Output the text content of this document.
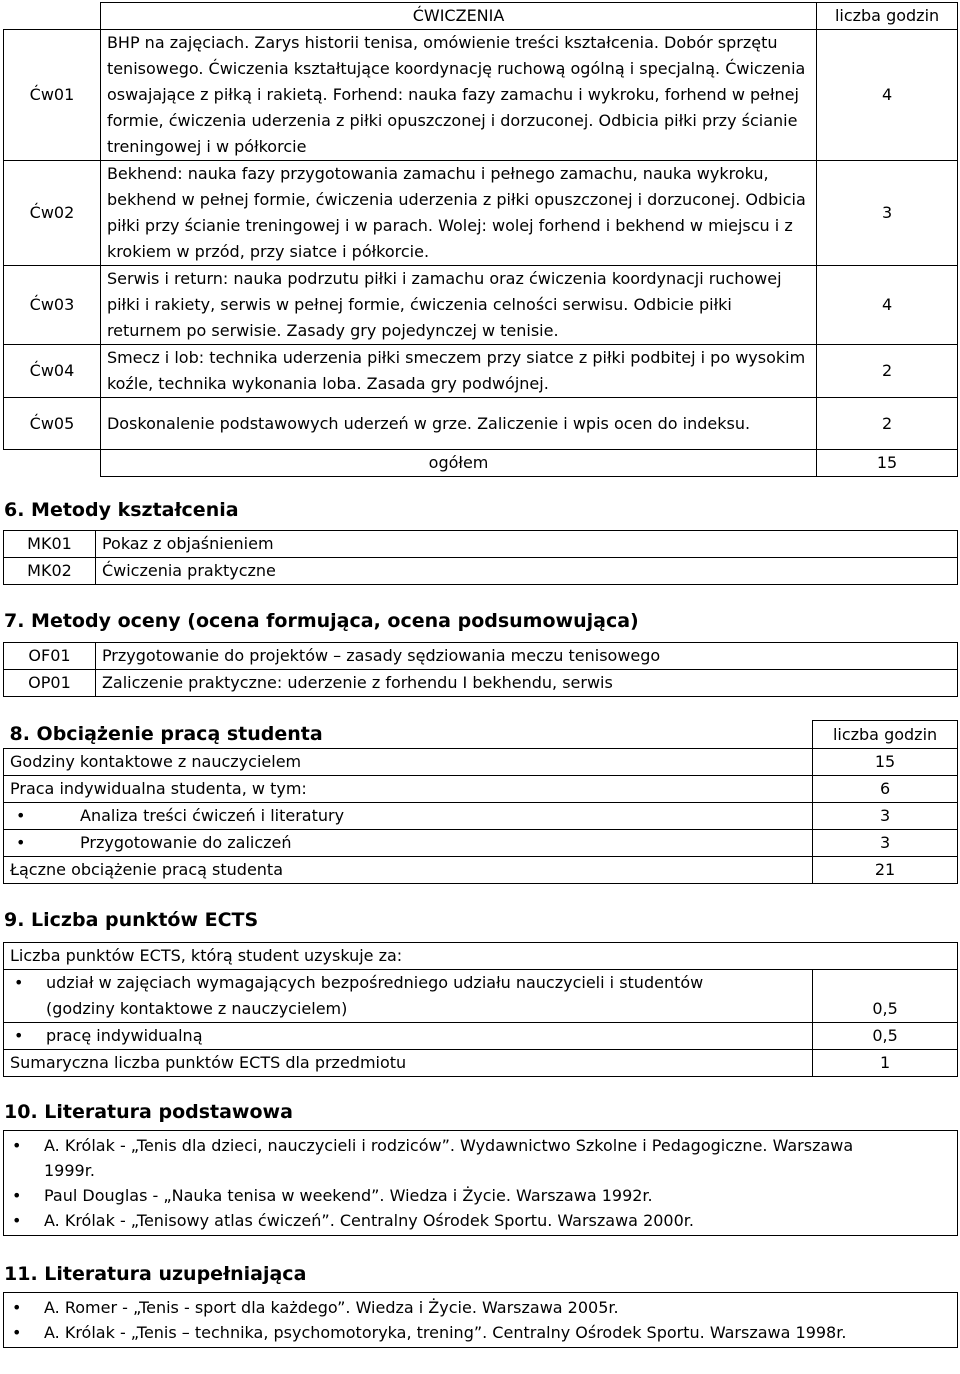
	ĆWICZENIA	liczba godzin
Ćw01	BHP na zajęciach. Zarys historii tenisa, omówienie treści kształcenia. Dobór sprzętu tenisowego. Ćwiczenia kształtujące koordynację ruchową ogólną i specjalną. Ćwiczenia oswajające z piłką i rakietą. Forhend: nauka fazy zamachu i wykroku, forhend w pełnej formie, ćwiczenia uderzenia z piłki opuszczonej i dorzuconej. Odbicia piłki przy ścianie treningowej i w półkorcie	4
Ćw02	Bekhend: nauka fazy przygotowania zamachu i pełnego zamachu, nauka wykroku, bekhend w pełnej formie, ćwiczenia uderzenia z piłki opuszczonej i dorzuconej. Odbicia piłki przy ścianie treningowej i w parach. Wolej: wolej forhend i bekhend w miejscu i z krokiem w przód, przy siatce i półkorcie.	3
Ćw03	Serwis i return: nauka podrzutu piłki i zamachu oraz ćwiczenia koordynacji ruchowej piłki i rakiety, serwis w pełnej formie, ćwiczenia celności serwisu. Odbicie piłki returnem po serwisie. Zasady gry pojedynczej w tenisie.	4
Ćw04	Smecz i lob: technika uderzenia piłki smeczem przy siatce z piłki podbitej i po wysokim koźle, technika wykonania loba. Zasada gry podwójnej.	2
Ćw05	Doskonalenie podstawowych uderzeń w grze. Zaliczenie i wpis ocen do indeksu.	2
	ogółem	15
6. Metody kształcenia
MK01	Pokaz z objaśnieniem
MK02	Ćwiczenia praktyczne
7. Metody oceny (ocena formująca, ocena podsumowująca)
OF01	Przygotowanie do projektów – zasady sędziowania meczu tenisowego
OP01	Zaliczenie praktyczne: uderzenie z forhendu I bekhendu, serwis
8. Obciążenie pracą studenta	liczba godzin
Godziny kontaktowe z nauczycielem	15
Praca indywidualna studenta, w tym:	6

• Analiza treści ćwiczeń i literatury	3

• Przygotowanie do zaliczeń	3
Łączne obciążenie pracą studenta	21
9. Liczba punktów ECTS
Liczba punktów ECTS, którą student uzyskuje za:	

• udział w zajęciach wymagających bezpośredniego udziału nauczycieli i studentów
(godziny kontaktowe z nauczycielem)	0,5

• pracę indywidualną	0,5
Sumaryczna liczba punktów ECTS dla przedmiotu	1
10. Literatura podstawowa
• A. Królak - „Tenis dla dzieci, nauczycieli i rodziców”. Wydawnictwo Szkolne i Pedagogiczne. Warszawa 1999r.
• Paul Douglas - „Nauka tenisa w weekend”. Wiedza i Życie. Warszawa 1992r.
• A. Królak - „Tenisowy atlas ćwiczeń”. Centralny Ośrodek Sportu. Warszawa 2000r.
11. Literatura uzupełniająca
• A. Romer - „Tenis - sport dla każdego”. Wiedza i Życie. Warszawa 2005r.
• A. Królak - „Tenis – technika, psychomotoryka, trening”. Centralny Ośrodek Sportu. Warszawa 1998r.
